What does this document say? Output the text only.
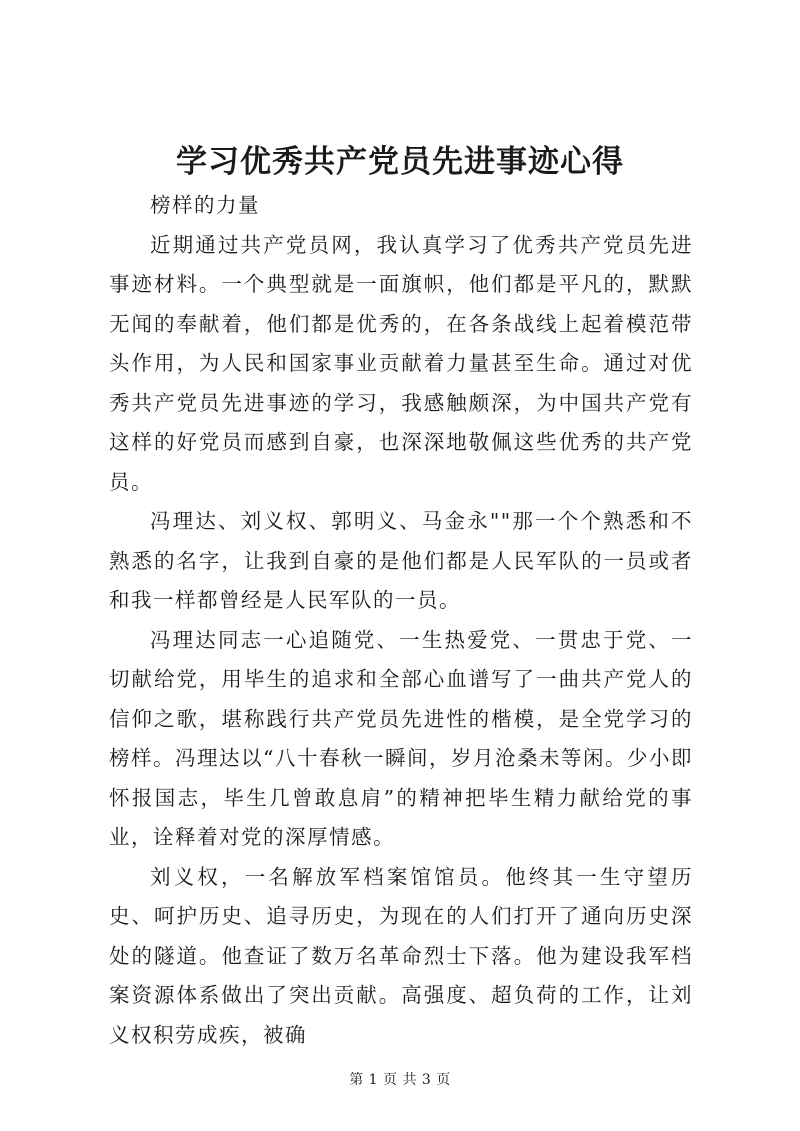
学习优秀共产党员先进事迹心得

榜样的力量

近期通过共产党员网，我认真学习了优秀共产党员先进事迹材料。一个典型就是一面旗帜，他们都是平凡的，默默无闻的奉献着，他们都是优秀的，在各条战线上起着模范带头作用，为人民和国家事业贡献着力量甚至生命。通过对优秀共产党员先进事迹的学习，我感触颇深，为中国共产党有这样的好党员而感到自豪，也深深地敬佩这些优秀的共产党员。

冯理达、刘义权、郭明义、马金永""那一个个熟悉和不熟悉的名字，让我到自豪的是他们都是人民军队的一员或者和我一样都曾经是人民军队的一员。

冯理达同志一心追随党、一生热爱党、一贯忠于党、一切献给党，用毕生的追求和全部心血谱写了一曲共产党人的信仰之歌，堪称践行共产党员先进性的楷模，是全党学习的榜样。冯理达以“八十春秋一瞬间，岁月沧桑未等闲。少小即怀报国志，毕生几曾敢息肩”的精神把毕生精力献给党的事业，诠释着对党的深厚情感。

刘义权，一名解放军档案馆馆员。他终其一生守望历史、呵护历史、追寻历史，为现在的人们打开了通向历史深处的隧道。他查证了数万名革命烈士下落。他为建设我军档案资源体系做出了突出贡献。高强度、超负荷的工作，让刘义权积劳成疾，被确

第 1 页 共 3 页
